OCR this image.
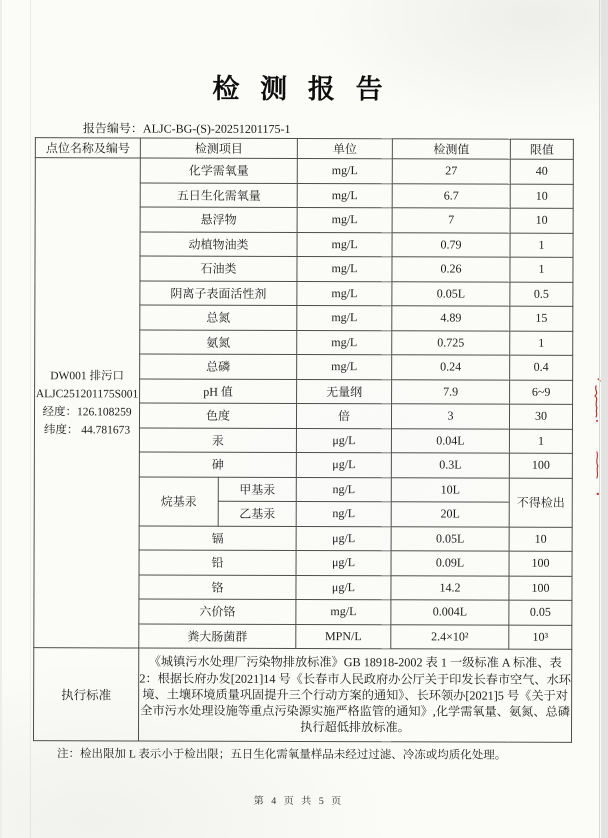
检 测 报 告
报告编号：ALJC-BG-(S)-20251201175-1
点位名称及编号	检测项目		单位	检测值	限值

DW001 排污口
ALJC251201175S001
经度：126.108259
纬度： 44.781673	化学需氧量		mg/L	27	40
	五日生化需氧量		mg/L	6.7	10
	悬浮物		mg/L	7	10
	动植物油类		mg/L	0.79	1
	石油类		mg/L	0.26	1
	阴离子表面活性剂		mg/L	0.05L	0.5
	总氮		mg/L	4.89	15
	氨氮		mg/L	0.725	1
	总磷		mg/L	0.24	0.4
	pH 值		无量纲	7.9	6~9
	色度		倍	3	30
	汞		μg/L	0.04L	1
	砷		μg/L	0.3L	100
	烷基汞	甲基汞	ng/L	10L	不得检出
		乙基汞	ng/L	20L	
	镉		μg/L	0.05L	10
	铅		μg/L	0.09L	100
	铬		μg/L	14.2	100
	六价铬		mg/L	0.004L	0.05
	粪大肠菌群		MPN/L	2.4×10²	10³
执行标准	《城镇污水处理厂污染物排放标准》GB 18918-2002 表 1 一级标准 A 标准、表 2：根据长府办发[2021]14 号《长春市人民政府办公厅关于印发长春市空气、水环境、土壤环境质量巩固提升三个行动方案的通知》、长环领办[2021]5 号《关于对全市污水处理设施等重点污染源实施严格监管的通知》,化学需氧量、氨氮、总磷执行超低排放标准。				
注：检出限加 L 表示小于检出限；五日生化需氧量样品未经过过滤、冷冻或均质化处理。
第 4 页 共 5 页
